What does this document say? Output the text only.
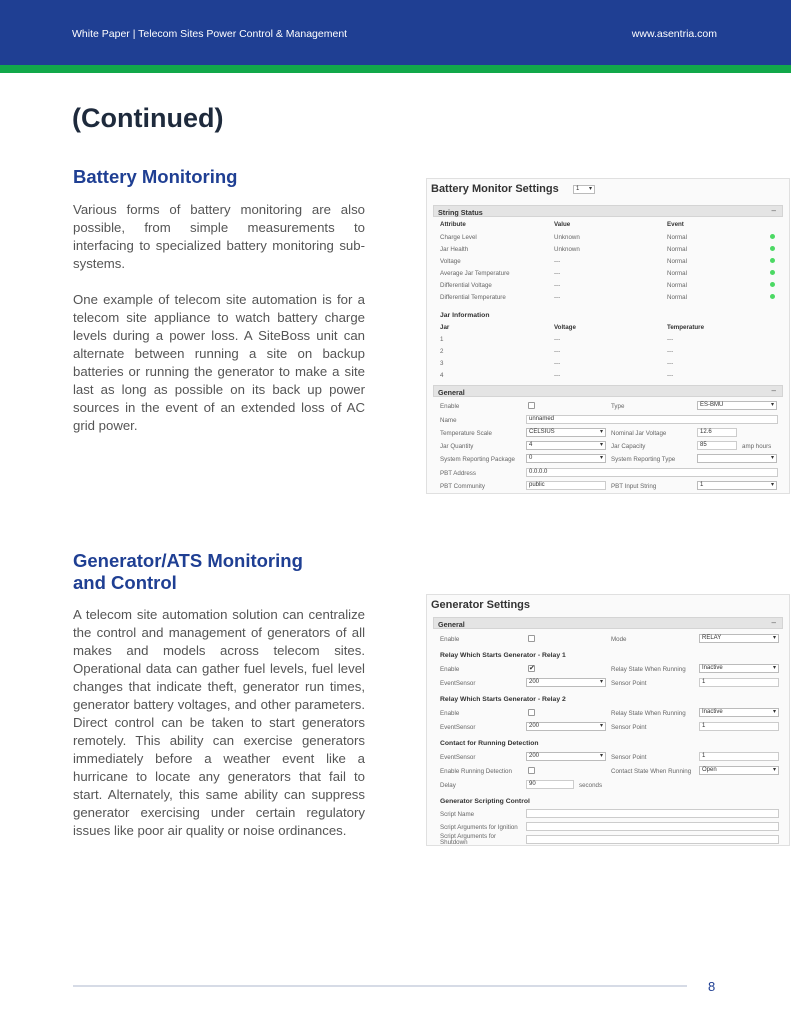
White Paper | Telecom Sites Power Control & Management	www.asentria.com
(Continued)
Battery Monitoring

Various forms of battery monitoring are also possible, from simple measurements to interfacing to specialized battery monitoring sub-systems.

One example of telecom site automation is for a telecom site appliance to watch battery charge levels during a power loss. A SiteBoss unit can alternate between running a site on backup batteries or running the generator to make a site last as long as possible on its back up power sources in the event of an extended loss of AC grid power.

Battery Monitor Settings	1 ▾
String Status	–
Attribute	Value	Event
Charge Level	Unknown	Normal
Jar Health	Unknown	Normal
Voltage	---	Normal
Average Jar Temperature	---	Normal
Differential Voltage	---	Normal
Differential Temperature	---	Normal
Jar Information
Jar	Voltage	Temperature
1	---	---
2	---	---
3	---	---
4	---	---
General	–
Enable	Type	ES-BMU ▾
Name	unnamed
Temperature Scale	CELSIUS ▾	Nominal Jar Voltage	12.6
Jar Quantity	4 ▾	Jar Capacity	85	amp hours
System Reporting Package	0 ▾	System Reporting Type
▾
PBT Address	0.0.0.0
PBT Community	public	PBT Input String	1 ▾
Generator/ATS Monitoring
and Control

A telecom site automation solution can centralize the control and management of generators of all makes and models across telecom sites. Operational data can gather fuel levels, fuel level changes that indicate theft, generator run times, generator battery voltages, and other parameters. Direct control can be taken to start generators remotely. This ability can exercise generators immediately before a weather event like a hurricane to locate any generators that fail to start. Alternately, this same ability can suppress generator exercising under certain regulatory issues like poor air quality or noise ordinances.

Generator Settings
General	–
Enable	Mode	RELAY ▾
Relay Which Starts Generator - Relay 1
Enable
✔	Relay State When Running	Inactive ▾
EventSensor	200 ▾	Sensor Point	1
Relay Which Starts Generator - Relay 2
Enable	Relay State When Running	Inactive ▾
EventSensor	200 ▾	Sensor Point	1
Contact for Running Detection
EventSensor	200 ▾	Sensor Point	1
Enable Running Detection	Contact State When Running	Open ▾
Delay	90	seconds
Generator Scripting Control
Script Name
Script Arguments for Ignition
Script Arguments for Shutdown
8
